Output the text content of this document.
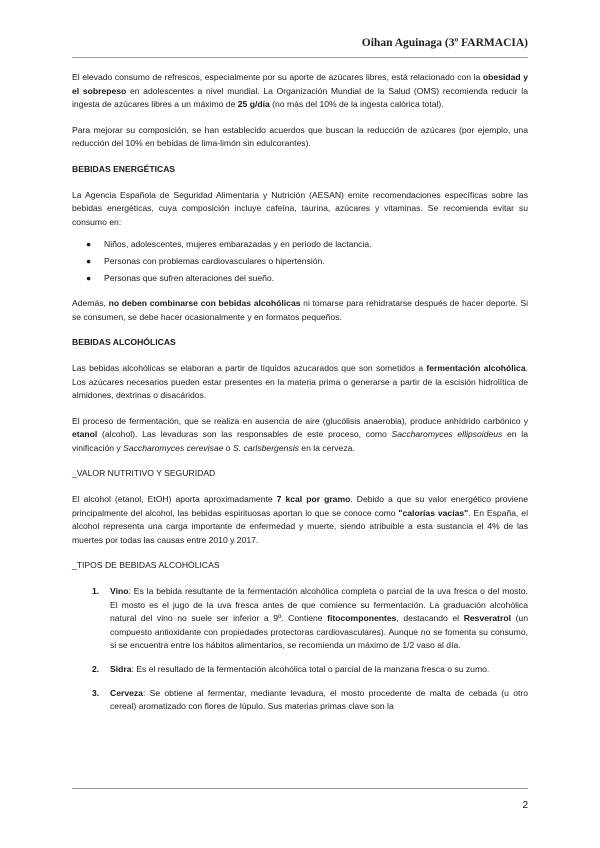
Oihan Aguinaga (3º FARMACIA)

El elevado consumo de refrescos, especialmente por su aporte de azúcares libres, está relacionado con la obesidad y el sobrepeso en adolescentes a nivel mundial. La Organización Mundial de la Salud (OMS) recomienda reducir la ingesta de azúcares libres a un máximo de 25 g/día (no más del 10% de la ingesta calórica total).

Para mejorar su composición, se han establecido acuerdos que buscan la reducción de azúcares (por ejemplo, una reducción del 10% en bebidas de lima-limón sin edulcorantes).

BEBIDAS ENERGÉTICAS

La Agencia Española de Seguridad Alimentaria y Nutrición (AESAN) emite recomendaciones específicas sobre las bebidas energéticas, cuya composición incluye cafeína, taurina, azúcares y vitaminas. Se recomienda evitar su consumo en:

● Niños, adolescentes, mujeres embarazadas y en periodo de lactancia.
● Personas con problemas cardiovasculares o hipertensión.
● Personas que sufren alteraciones del sueño.

Además, no deben combinarse con bebidas alcohólicas ni tomarse para rehidratarse después de hacer deporte. Si se consumen, se debe hacer ocasionalmente y en formatos pequeños.

BEBIDAS ALCOHÓLICAS

Las bebidas alcohólicas se elaboran a partir de líquidos azucarados que son sometidos a fermentación alcohólica. Los azúcares necesarios pueden estar presentes en la materia prima o generarse a partir de la escisión hidrolítica de almidones, dextrinas o disacáridos.

El proceso de fermentación, que se realiza en ausencia de aire (glucólisis anaerobia), produce anhídrido carbónico y etanol (alcohol). Las levaduras son las responsables de este proceso, como Saccharomyces ellipsoideus en la vinificación y Saccharomyces cerevisae o S. carlsbergensis en la cerveza.

_VALOR NUTRITIVO Y SEGURIDAD

El alcohol (etanol, EtOH) aporta aproximadamente 7 kcal por gramo. Debido a que su valor energético proviene principalmente del alcohol, las bebidas espirituosas aportan lo que se conoce como "calorías vacías". En España, el alcohol representa una carga importante de enfermedad y muerte, siendo atribuible a esta sustancia el 4% de las muertes por todas las causas entre 2010 y 2017.

_TIPOS DE BEBIDAS ALCOHÓLICAS

1. Vino: Es la bebida resultante de la fermentación alcohólica completa o parcial de la uva fresca o del mosto. El mosto es el jugo de la uva fresca antes de que comience su fermentación. La graduación alcohólica natural del vino no suele ser inferior a 9º. Contiene fitocomponentes, destacando el Resveratrol (un compuesto antioxidante con propiedades protectoras cardiovasculares). Aunque no se fomenta su consumo, si se encuentra entre los hábitos alimentarios, se recomienda un máximo de 1/2 vaso al día.
2. Sidra: Es el resultado de la fermentación alcohólica total o parcial de la manzana fresca o su zumo.
3. Cerveza: Se obtiene al fermentar, mediante levadura, el mosto procedente de malta de cebada (u otro cereal) aromatizado con flores de lúpulo. Sus materias primas clave son la
2
